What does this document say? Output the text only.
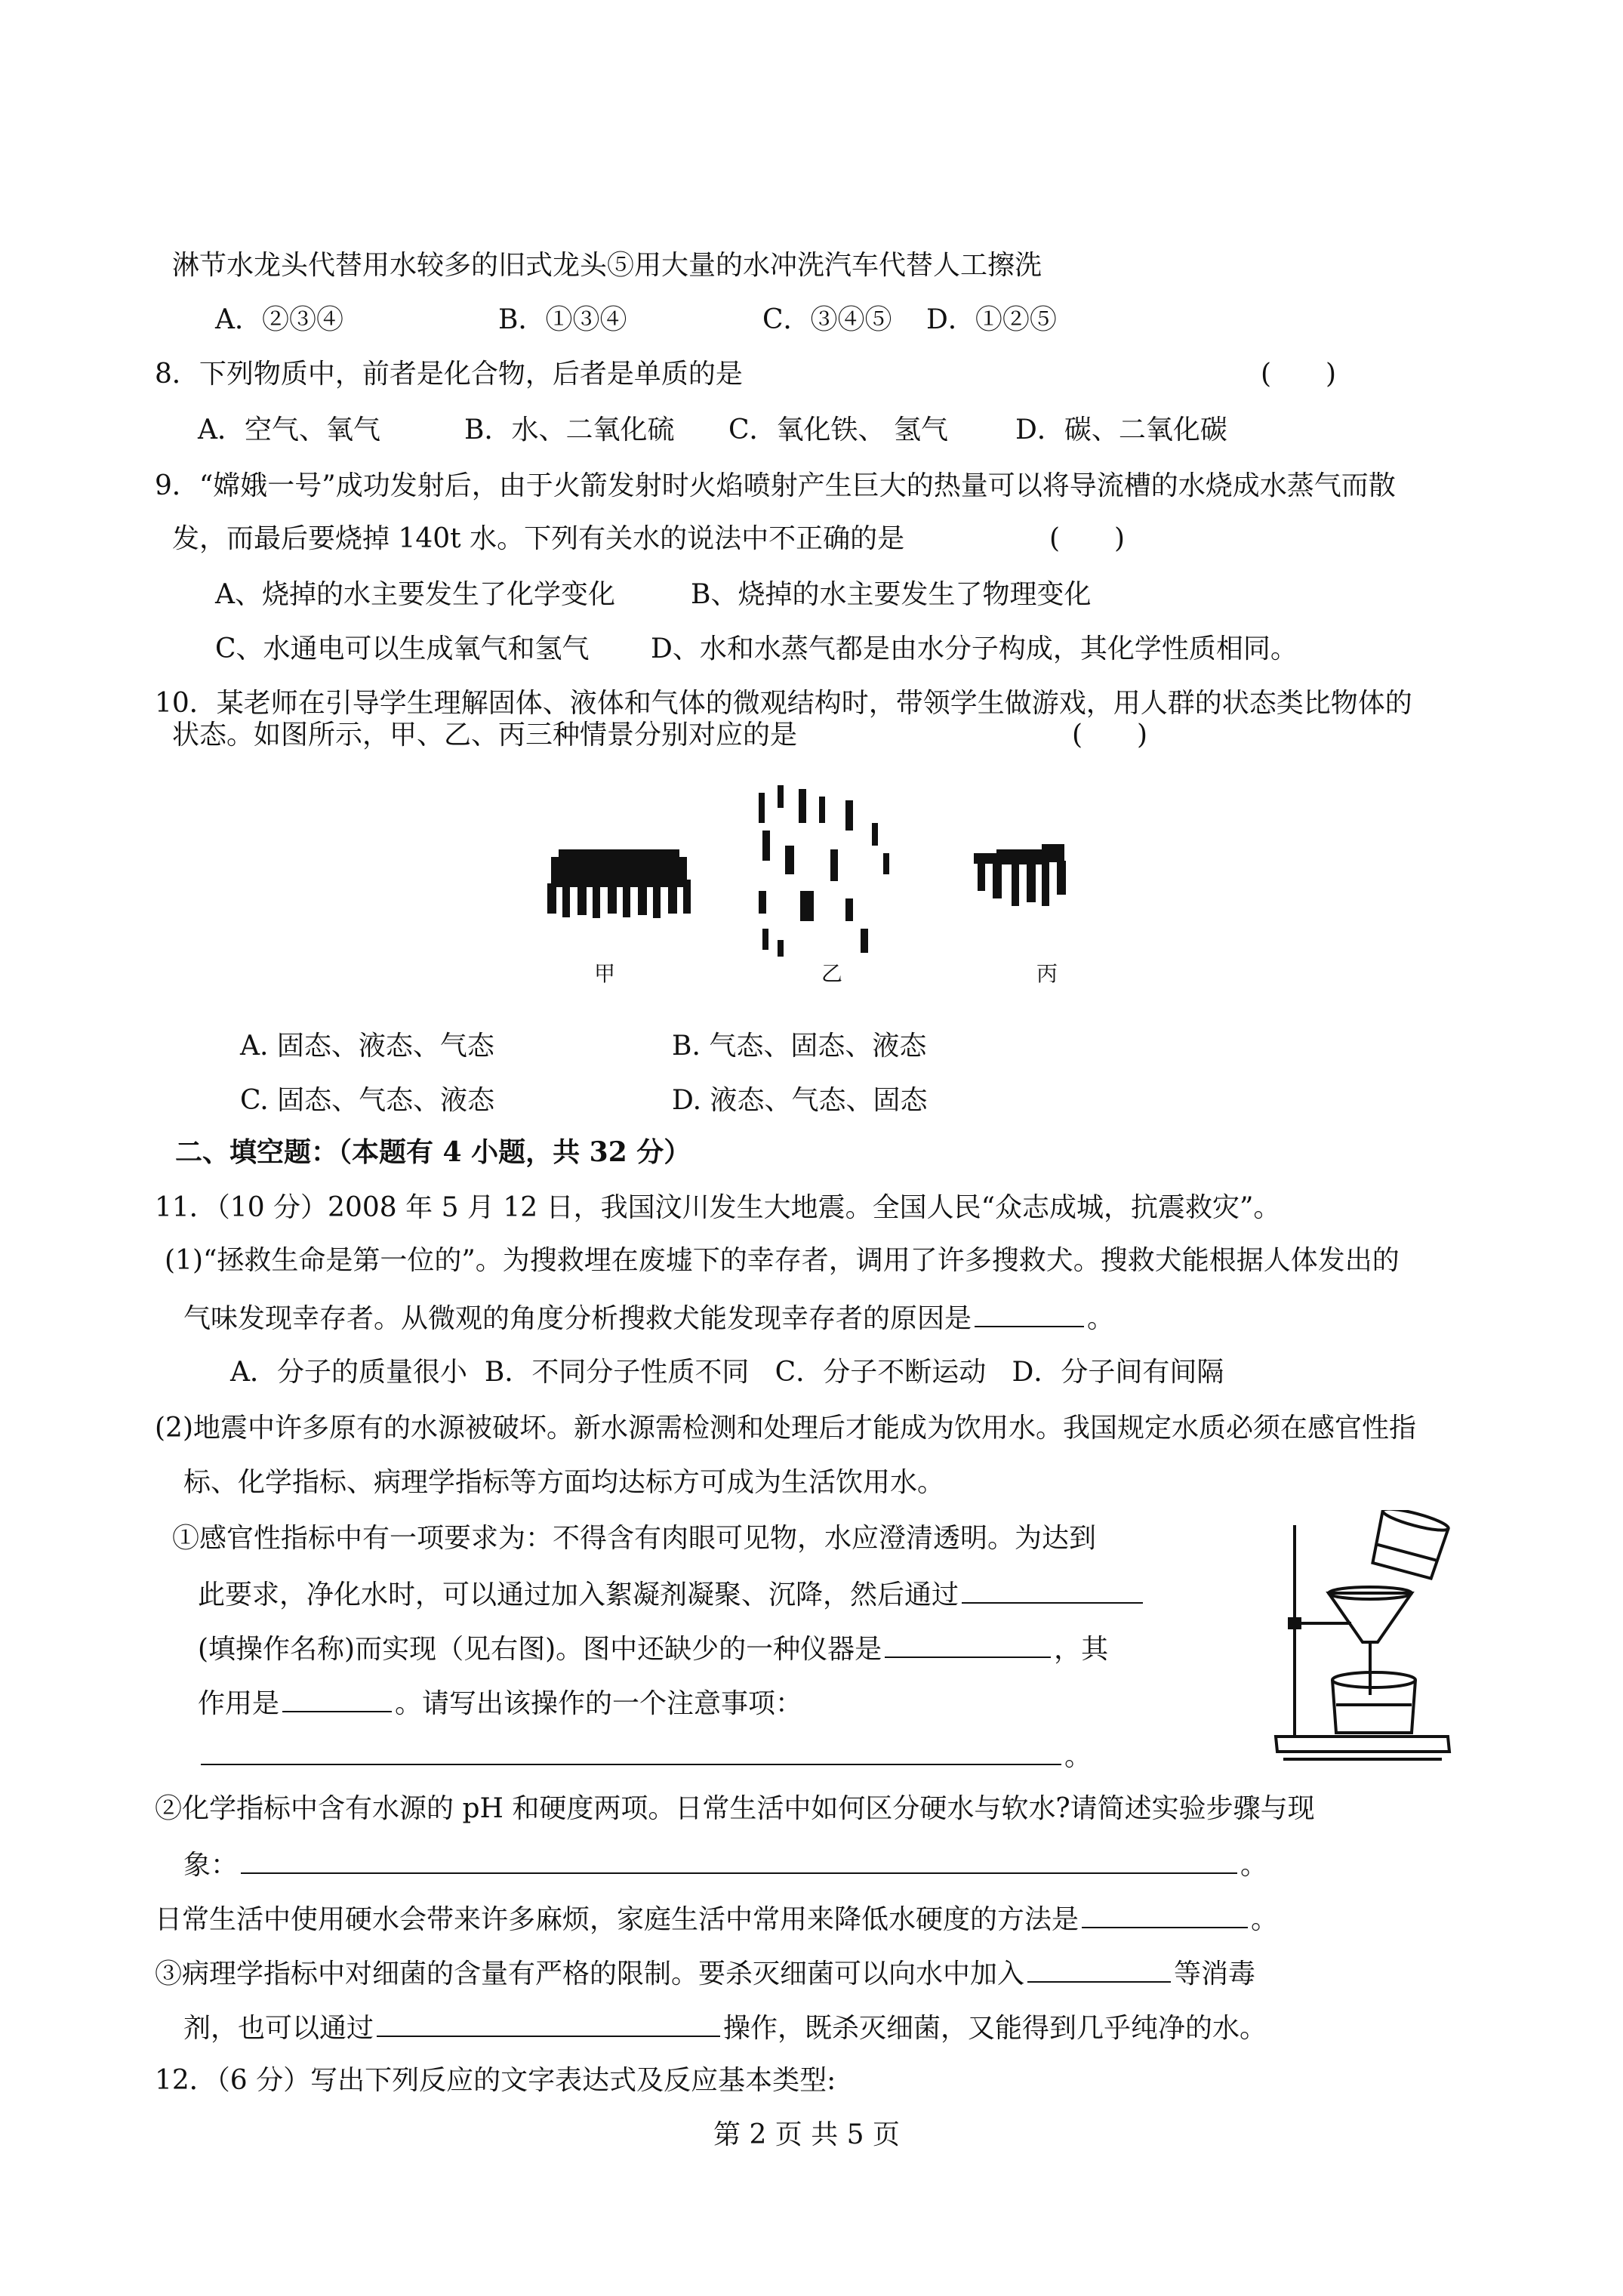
淋节水龙头代替用水较多的旧式龙头⑤用大量的水冲洗汽车代替人工擦洗
A．②③④	B．①③④	C．③④⑤ D．①②⑤
8．下列物质中，前者是化合物，后者是单质的是	(　　)
A．空气、氧气	B．水、二氧化硫 C．氧化铁、 氢气 D．碳、二氧化碳
9．“嫦娥一号”成功发射后，由于火箭发射时火焰喷射产生巨大的热量可以将导流槽的水烧成水蒸气而散
发，而最后要烧掉 140t 水。下列有关水的说法中不正确的是	(　　)
A、烧掉的水主要发生了化学变化	B、烧掉的水主要发生了物理变化
C、水通电可以生成氧气和氢气 D、水和水蒸气都是由水分子构成，其化学性质相同。
10．某老师在引导学生理解固体、液体和气体的微观结构时，带领学生做游戏，用人群的状态类比物体的
状态。如图所示，甲、乙、丙三种情景分别对应的是	(　　)
甲	乙	丙
A. 固态、液态、气态	B. 气态、固态、液态
C. 固态、气态、液态	D. 液态、气态、固态
二、填空题：（本题有 4 小题，共 32 分）
11．（10 分）2008 年 5 月 12 日，我国汶川发生大地震。全国人民“众志成城，抗震救灾”。
(1)“拯救生命是第一位的”。为搜救埋在废墟下的幸存者，调用了许多搜救犬。搜救犬能根据人体发出的
气味发现幸存者。从微观的角度分析搜救犬能发现幸存者的原因是	。
A．分子的质量很小  B．不同分子性质不同   C．分子不断运动   D．分子间有间隔
(2)地震中许多原有的水源被破坏。新水源需检测和处理后才能成为饮用水。我国规定水质必须在感官性指
标、化学指标、病理学指标等方面均达标方可成为生活饮用水。
①感官性指标中有一项要求为：不得含有肉眼可见物，水应澄清透明。为达到
此要求，净化水时，可以通过加入絮凝剂凝聚、沉降，然后通过
(填操作名称)而实现（见右图)。图中还缺少的一种仪器是	，其
作用是	。请写出该操作的一个注意事项：
。
②化学指标中含有水源的 pH 和硬度两项。日常生活中如何区分硬水与软水?请简述实验步骤与现
象：	。
日常生活中使用硬水会带来许多麻烦，家庭生活中常用来降低水硬度的方法是	。
③病理学指标中对细菌的含量有严格的限制。要杀灭细菌可以向水中加入	等消毒
剂，也可以通过	操作，既杀灭细菌，又能得到几乎纯净的水。
12．（6 分）写出下列反应的文字表达式及反应基本类型:
第 2 页 共 5 页
